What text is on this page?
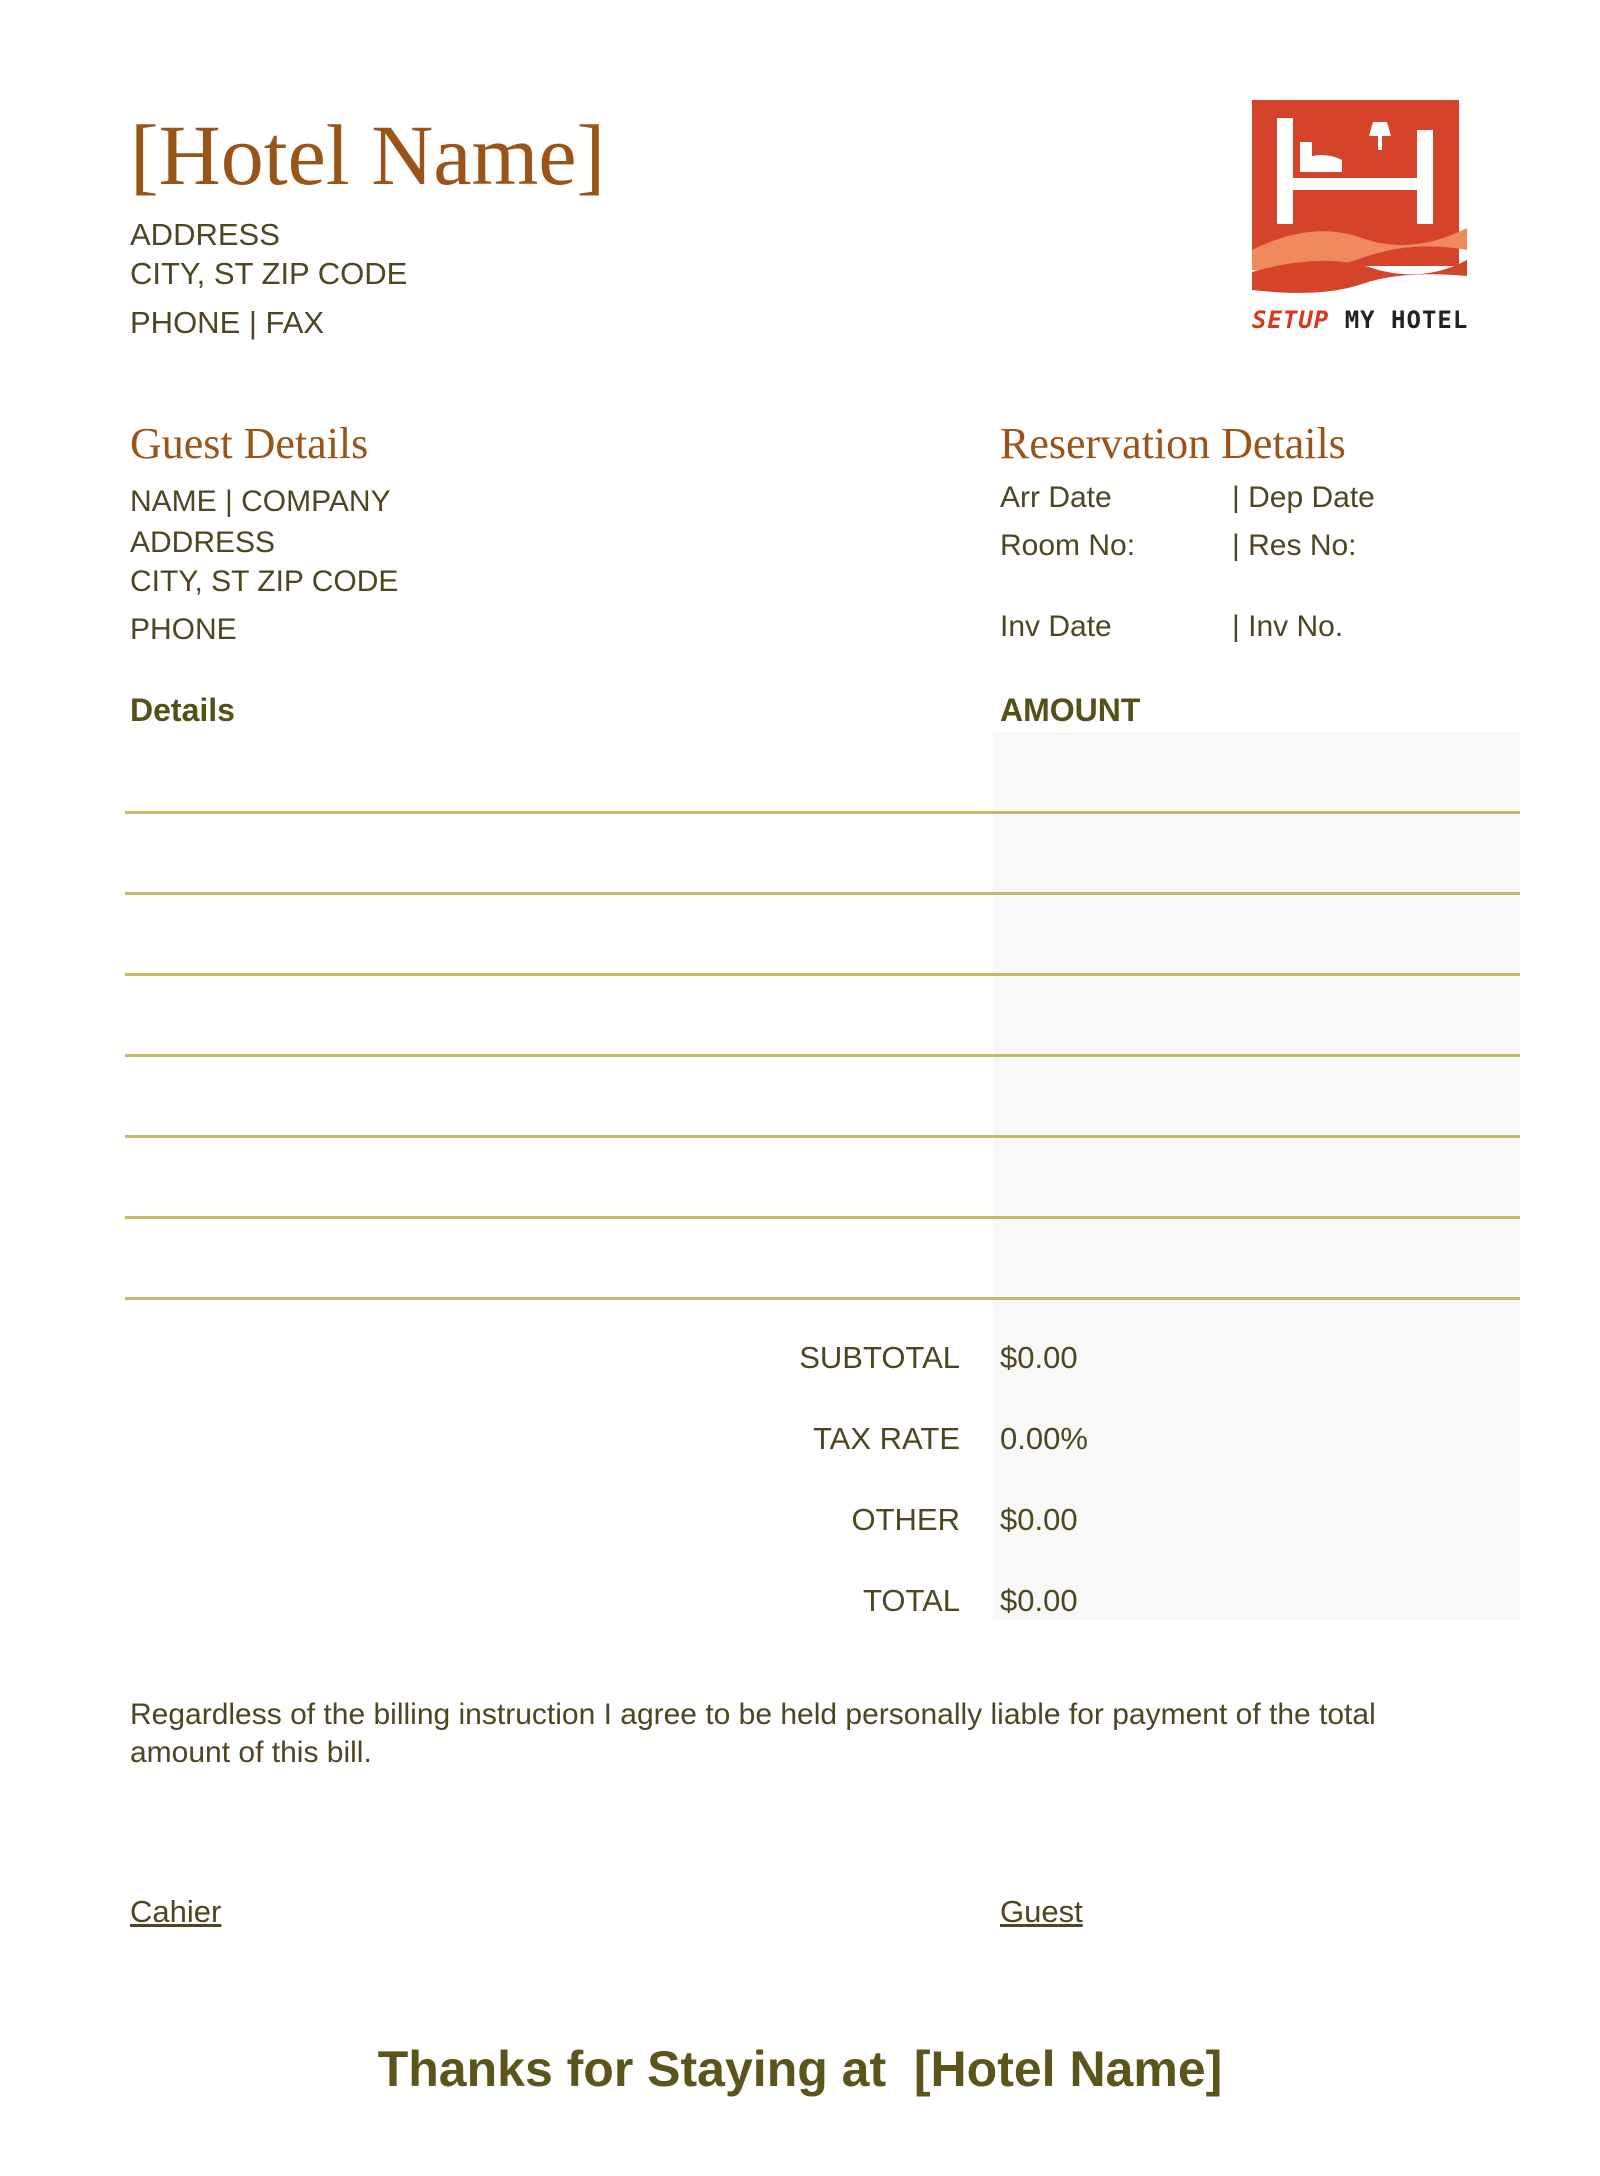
[Hotel Name]
ADDRESS
CITY, ST ZIP CODE
PHONE | FAX	SETUP MY HOTEL
Guest Details
NAME | COMPANY
ADDRESS
CITY, ST ZIP CODE
PHONE
Reservation Details
Arr Date	| Dep Date
Room No:	| Res No:
Inv Date	| Inv No.
Details	AMOUNT
SUBTOTAL $0.00
TAX RATE 0.00%
OTHER $0.00
TOTAL $0.00
Regardless of the billing instruction I agree to be held personally liable for payment of the total amount of this bill.
Cahier	Guest
Thanks for Staying at  [Hotel Name]
